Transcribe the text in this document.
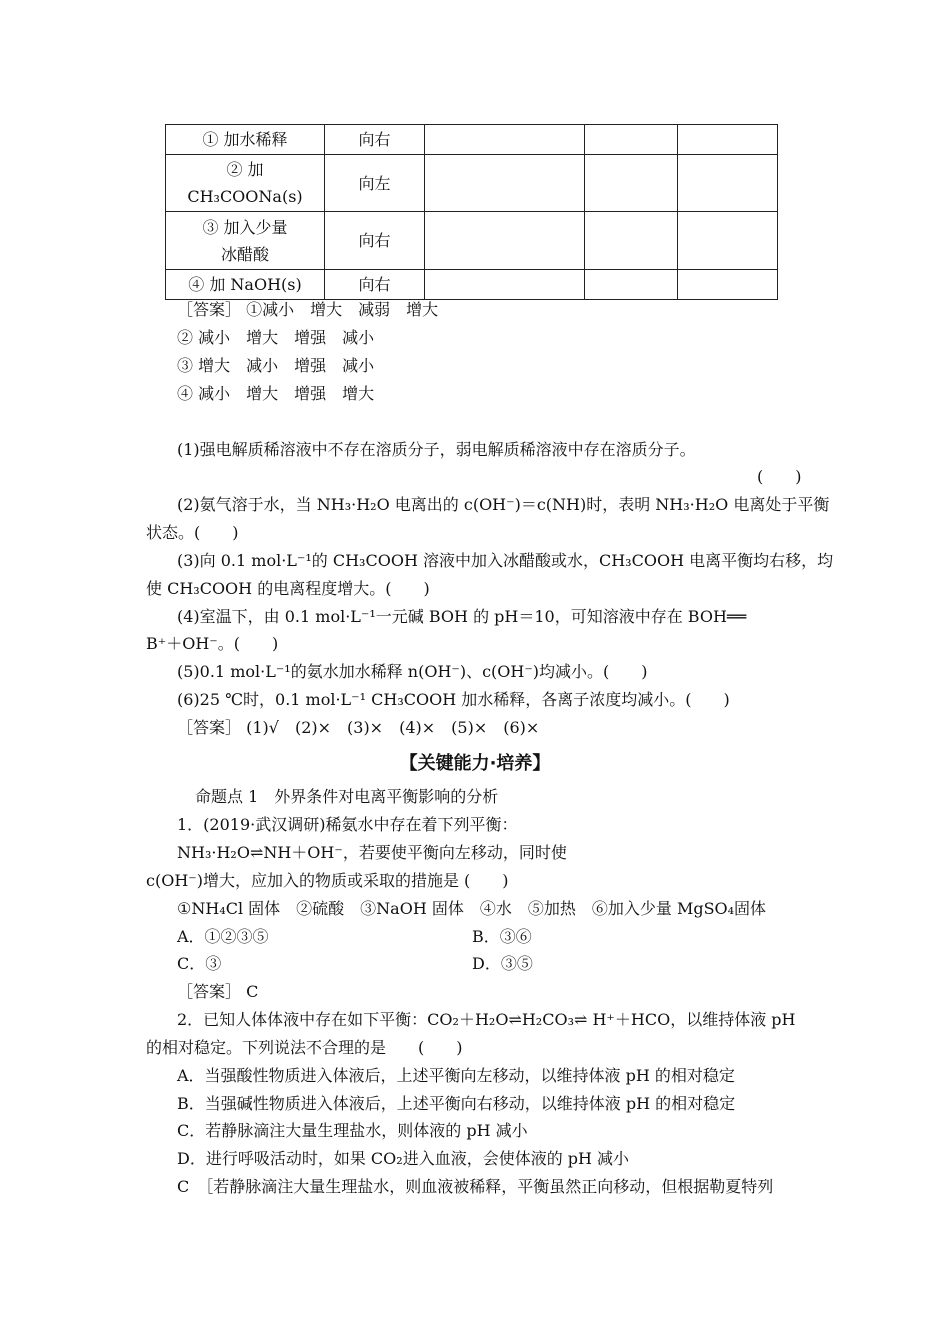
① 加水稀释	向右			

② 加
CH₃COONa(s)	向左			

③ 加入少量
冰醋酸	向右			
④ 加 NaOH(s)	向右			
［答案］ ①减小　增大　减弱　增大
② 减小　增大　增强　减小
③ 增大　减小　增强　减小
④ 减小　增大　增强　增大
(1)强电解质稀溶液中不存在溶质分子，弱电解质稀溶液中存在溶质分子。
(　　)
(2)氨气溶于水，当 NH₃·H₂O 电离出的 c(OH⁻)＝c(NH)时，表明 NH₃·H₂O 电离处于平衡
状态。(　　)
(3)向 0.1 mol·L⁻¹的 CH₃COOH 溶液中加入冰醋酸或水，CH₃COOH 电离平衡均右移，均
使 CH₃COOH 的电离程度增大。(　　)
(4)室温下，由 0.1 mol·L⁻¹一元碱 BOH 的 pH＝10，可知溶液中存在 BOH══
B⁺＋OH⁻。(　　)
(5)0.1 mol·L⁻¹的氨水加水稀释 n(OH⁻)、c(OH⁻)均减小。(　　)
(6)25 ℃时，0.1 mol·L⁻¹ CH₃COOH 加水稀释，各离子浓度均减小。(　　)
［答案］ (1)√　(2)×　(3)×　(4)×　(5)×　(6)×
【关键能力·培养】
命题点 1　外界条件对电离平衡影响的分析
1．(2019·武汉调研)稀氨水中存在着下列平衡：
NH₃·H₂O⇌NH＋OH⁻，若要使平衡向左移动，同时使
c(OH⁻)增大，应加入的物质或采取的措施是 (　　)
①NH₄Cl 固体　②硫酸　③NaOH 固体　④水　⑤加热　⑥加入少量 MgSO₄固体
A．①②③⑤	B．③⑥
C．③	D．③⑤
［答案］ C
2．已知人体体液中存在如下平衡：CO₂＋H₂O⇌H₂CO₃⇌ H⁺＋HCO，以维持体液 pH
的相对稳定。下列说法不合理的是　　(　　)
A．当强酸性物质进入体液后，上述平衡向左移动，以维持体液 pH 的相对稳定
B．当强碱性物质进入体液后，上述平衡向右移动，以维持体液 pH 的相对稳定
C．若静脉滴注大量生理盐水，则体液的 pH 减小
D．进行呼吸活动时，如果 CO₂进入血液，会使体液的 pH 减小
C　［若静脉滴注大量生理盐水，则血液被稀释，平衡虽然正向移动，但根据勒夏特列
